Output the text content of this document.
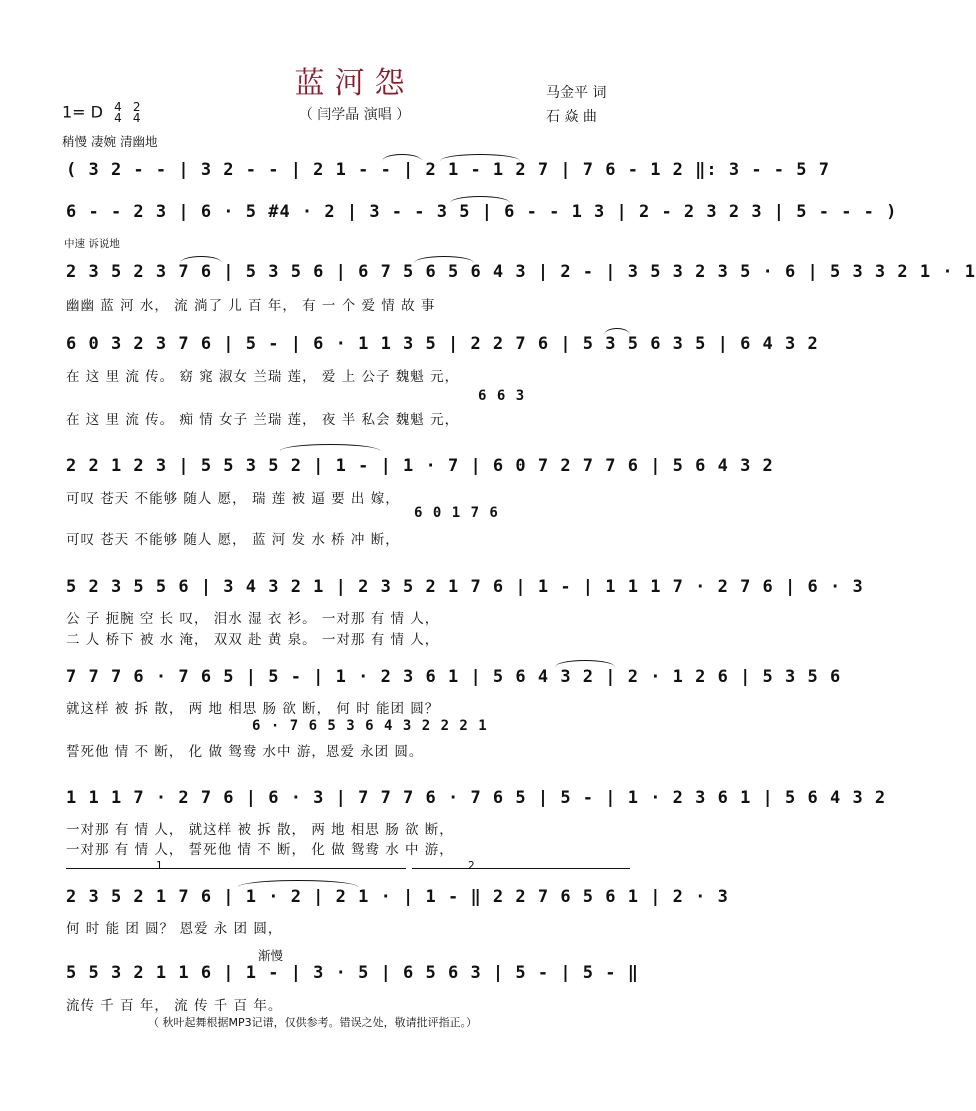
蓝河怨
（ 闫学晶 演唱 ）
马金平 词
石 焱 曲
1= D 4
4

2
4
稍慢 凄婉 清幽地
( 3 2 - - | 3 2 - - | 2 1 - - | 2 1 - 1 2 7 | 7 6 - 1 2 ‖: 3 - - 5 7
6 - - 2 3 | 6 · 5 #4 · 2 | 3 - - 3 5 | 6 - - 1 3 | 2 - 2 3 2 3 | 5 - - - )
中速 诉说地
2 3 5 2 3 7 6 | 5 3 5 6 | 6 7 5 6 5 6 4 3 | 2 - | 3 5 3 2 3 5 · 6 | 5 3 3 2 1 · 1
幽幽 蓝 河 水， 流 淌了 儿 百 年， 有 一 个 爱 情 故 事
6 0 3 2 3 7 6 | 5 - | 6 · 1 1 3 5 | 2 2 7 6 | 5 3 5 6 3 5 | 6 4 3 2
在 这 里 流 传。 窈 窕 淑女 兰瑞 莲， 爱 上 公子 魏魁 元，
6 6 3
在 这 里 流 传。 痴 情 女子 兰瑞 莲， 夜 半 私会 魏魁 元，
2 2 1 2 3 | 5 5 3 5 2 | 1 - | 1 · 7 | 6 0 7 2 7 7 6 | 5 6 4 3 2
可叹 苍天 不能够 随人 愿， 瑞 莲 被 逼 要 出 嫁，
6 0 1 7 6
可叹 苍天 不能够 随人 愿， 蓝 河 发 水 桥 冲 断，
5 2 3 5 5 6 | 3 4 3 2 1 | 2 3 5 2 1 7 6 | 1 - | 1 1 1 7 · 2 7 6 | 6 · 3
公 子 扼腕 空 长 叹， 泪水 湿 衣 衫。 一对那 有 情 人，
二 人 桥下 被 水 淹， 双双 赴 黄 泉。 一对那 有 情 人，
7 7 7 6 · 7 6 5 | 5 - | 1 · 2 3 6 1 | 5 6 4 3 2 | 2 · 1 2 6 | 5 3 5 6
就这样 被 拆 散， 两 地 相思 肠 欲 断， 何 时 能团 圆？
6 · 7 6 5 3 6 4 3 2 2 2 1
誓死他 情 不 断， 化 做 鸳鸯 水中 游，恩爱 永团 圆。
1 1 1 7 · 2 7 6 | 6 · 3 | 7 7 7 6 · 7 6 5 | 5 - | 1 · 2 3 6 1 | 5 6 4 3 2
一对那 有 情 人， 就这样 被 拆 散， 两 地 相思 肠 欲 断，
一对那 有 情 人， 誓死他 情 不 断， 化 做 鸳鸯 水 中 游，
1	2
2 3 5 2 1 7 6 | 1 · 2 | 2 1 · | 1 - ‖ 2 2 7 6 5 6 1 | 2 · 3
何 时 能 团 圆？ 恩爱 永 团 圆，
渐慢
5 5 3 2 1 1 6 | 1 - | 3 · 5 | 6 5 6 3 | 5 - | 5 - ‖
流传 千 百 年， 流 传 千 百 年。
（ 秋叶起舞根据MP3记谱，仅供参考。错误之处，敬请批评指正。）
